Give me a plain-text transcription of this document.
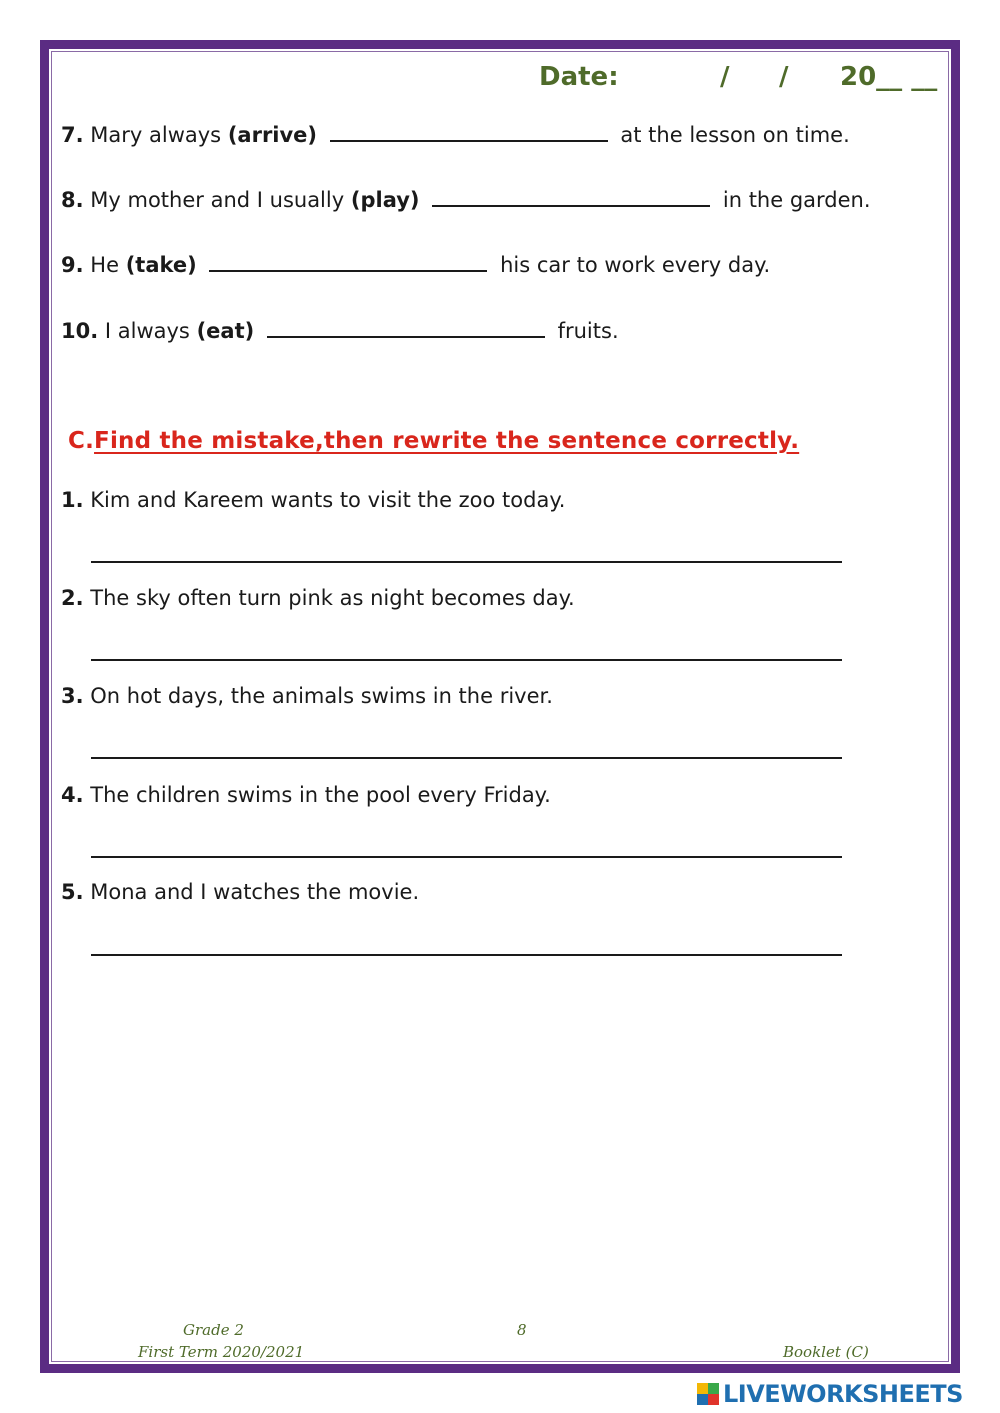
Date:	/ / 20__ __
7. Mary always (arrive)	at the lesson on time.
8. My mother and I usually (play)	in the garden.
9. He (take)	his car to work every day.
10. I always (eat)	fruits.
C.Find the mistake,then rewrite the sentence correctly.
1. Kim and Kareem wants to visit the zoo today.
2. The sky often turn pink as night becomes day.
3. On hot days, the animals swims in the river.
4. The children swims in the pool every Friday.
5. Mona and I watches the movie.
Grade 2	8
First Term 2020/2021	Booklet (C)
LIVEWORKSHEETS
